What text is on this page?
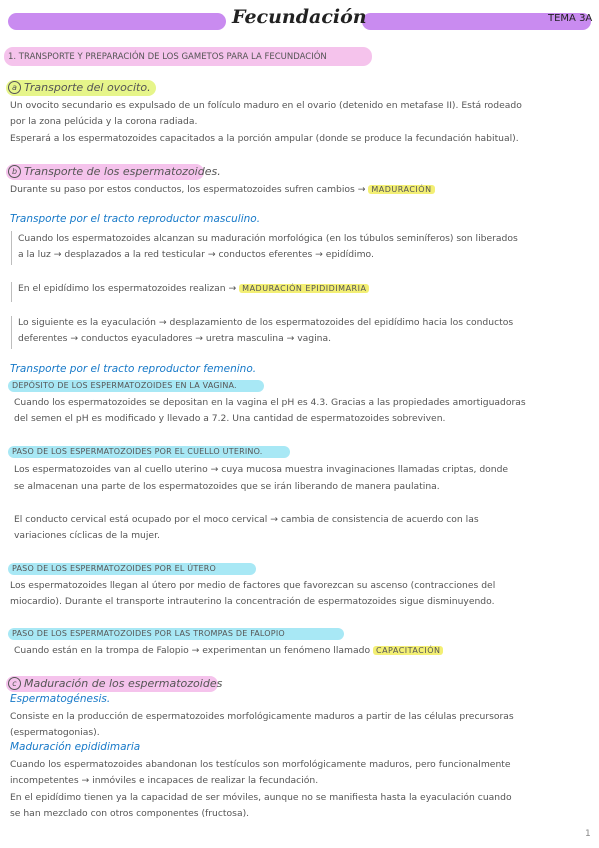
Fecundación	TEMA 3A
1. TRANSPORTE Y PREPARACIÓN DE LOS GAMETOS PARA LA FECUNDACIÓN
a Transporte del ovocito.
Un ovocito secundario es expulsado de un folículo maduro en el ovario (detenido en metafase II). Está rodeado
por la zona pelúcida y la corona radiada.
Esperará a los espermatozoides capacitados a la porción ampular (donde se produce la fecundación habitual).
b Transporte de los espermatozoides.
Durante su paso por estos conductos, los espermatozoides sufren cambios → MADURACIÓN
Transporte por el tracto reproductor masculino.
Cuando los espermatozoides alcanzan su maduración morfológica (en los túbulos seminíferos) son liberados
a la luz → desplazados a la red testicular → conductos eferentes → epidídimo.
En el epidídimo los espermatozoides realizan → MADURACIÓN EPIDIDIMARIA
Lo siguiente es la eyaculación → desplazamiento de los espermatozoides del epidídimo hacia los conductos
deferentes → conductos eyaculadores → uretra masculina → vagina.
Transporte por el tracto reproductor femenino.
DEPÓSITO DE LOS ESPERMATOZOIDES EN LA VAGINA.
Cuando los espermatozoides se depositan en la vagina el pH es 4.3. Gracias a las propiedades amortiguadoras
del semen el pH es modificado y llevado a 7.2. Una cantidad de espermatozoides sobreviven.
PASO DE LOS ESPERMATOZOIDES POR EL CUELLO UTERINO.
Los espermatozoides van al cuello uterino → cuya mucosa muestra invaginaciones llamadas criptas, donde
se almacenan una parte de los espermatozoides que se irán liberando de manera paulatina.
El conducto cervical está ocupado por el moco cervical → cambia de consistencia de acuerdo con las
variaciones cíclicas de la mujer.
PASO DE LOS ESPERMATOZOIDES POR EL ÚTERO
Los espermatozoides llegan al útero por medio de factores que favorezcan su ascenso (contracciones del
miocardio). Durante el transporte intrauterino la concentración de espermatozoides sigue disminuyendo.
PASO DE LOS ESPERMATOZOIDES POR LAS TROMPAS DE FALOPIO
Cuando están en la trompa de Falopio → experimentan un fenómeno llamado CAPACITACIÓN
c Maduración de los espermatozoides
Espermatogénesis.
Consiste en la producción de espermatozoides morfológicamente maduros a partir de las células precursoras
(espermatogonias).
Maduración epididimaria
Cuando los espermatozoides abandonan los testículos son morfológicamente maduros, pero funcionalmente
incompetentes → inmóviles e incapaces de realizar la fecundación.
En el epidídimo tienen ya la capacidad de ser móviles, aunque no se manifiesta hasta la eyaculación cuando
se han mezclado con otros componentes (fructosa).
1
